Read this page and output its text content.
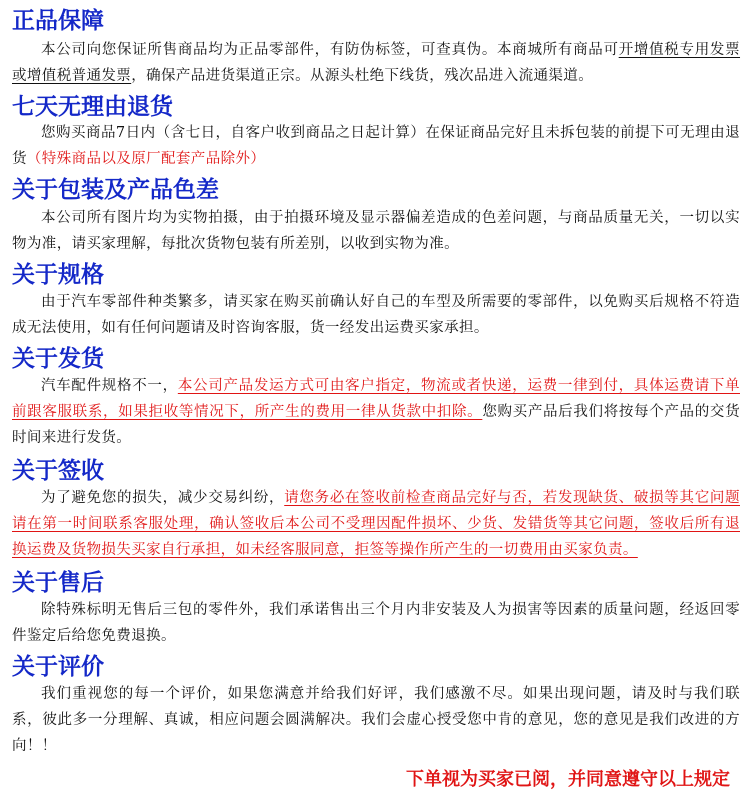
正品保障

本公司向您保证所售商品均为正品零部件，有防伪标签，可查真伪。本商城所有商品可开增值税专用发票或增值税普通发票，确保产品进货渠道正宗。从源头杜绝下线货，残次品进入流通渠道。

七天无理由退货

您购买商品7日内（含七日，自客户收到商品之日起计算）在保证商品完好且未拆包装的前提下可无理由退货（特殊商品以及原厂配套产品除外）

关于包装及产品色差

本公司所有图片均为实物拍摄，由于拍摄环境及显示器偏差造成的色差问题，与商品质量无关，一切以实物为准，请买家理解，每批次货物包装有所差别，以收到实物为准。

关于规格

由于汽车零部件种类繁多，请买家在购买前确认好自己的车型及所需要的零部件，以免购买后规格不符造成无法使用，如有任何问题请及时咨询客服，货一经发出运费买家承担。

关于发货

汽车配件规格不一，本公司产品发运方式可由客户指定，物流或者快递，运费一律到付，具体运费请下单前跟客服联系，如果拒收等情况下，所产生的费用一律从货款中扣除。您购买产品后我们将按每个产品的交货时间来进行发货。

关于签收

为了避免您的损失，减少交易纠纷，请您务必在签收前检查商品完好与否，若发现缺货、破损等其它问题请在第一时间联系客服处理，确认签收后本公司不受理因配件损坏、少货、发错货等其它问题，签收后所有退换运费及货物损失买家自行承担，如未经客服同意，拒签等操作所产生的一切费用由买家负责。

关于售后

除特殊标明无售后三包的零件外，我们承诺售出三个月内非安装及人为损害等因素的质量问题，经返回零件鉴定后给您免费退换。

关于评价

我们重视您的每一个评价，如果您满意并给我们好评，我们感激不尽。如果出现问题，请及时与我们联系，彼此多一分理解、真诚，相应问题会圆满解决。我们会虚心授受您中肯的意见，您的意见是我们改进的方向！！

下单视为买家已阅，并同意遵守以上规定
